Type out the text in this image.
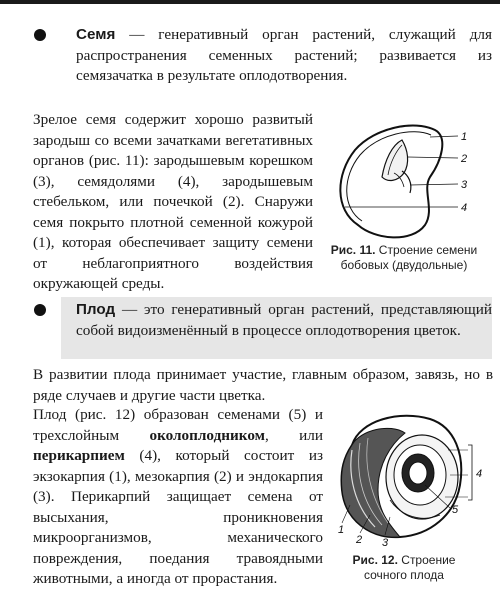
Семя — генеративный орган растений, служащий для распространения семенных растений; развивается из семязачатка в результате оплодотворения.

Зрелое семя содержит хорошо развитый зародыш со всеми зачатками вегетативных органов (рис. 11): зародышевым корешком (3), семядолями (4), зародышевым стебельком, или почечкой (2). Снаружи семя покрыто плотной семенной кожурой (1), которая обеспечивает защиту семени от неблагоприятного воздействия окружающей среды.

1
2
3
4
Рис. 11. Строение семени бобовых (двудольные)
Плод — это генеративный орган растений, представляющий собой видоизменённый в процессе оплодотворения цветок.

В развитии плода принимает участие, главным образом, завязь, но в ряде случаев и другие части цветка.

Плод (рис. 12) образован семенами (5) и трехслойным околоплодником, или перикарпием (4), который состоит из экзокарпия (1), мезокарпия (2) и эндокарпия (3). Перикарпий защищает семена от высыхания, проникновения микроорганизмов, механического повреждения, поедания травоядными животными, а иногда от прорастания.

4
5
1
2 3
Рис. 12. Строение сочного плода
